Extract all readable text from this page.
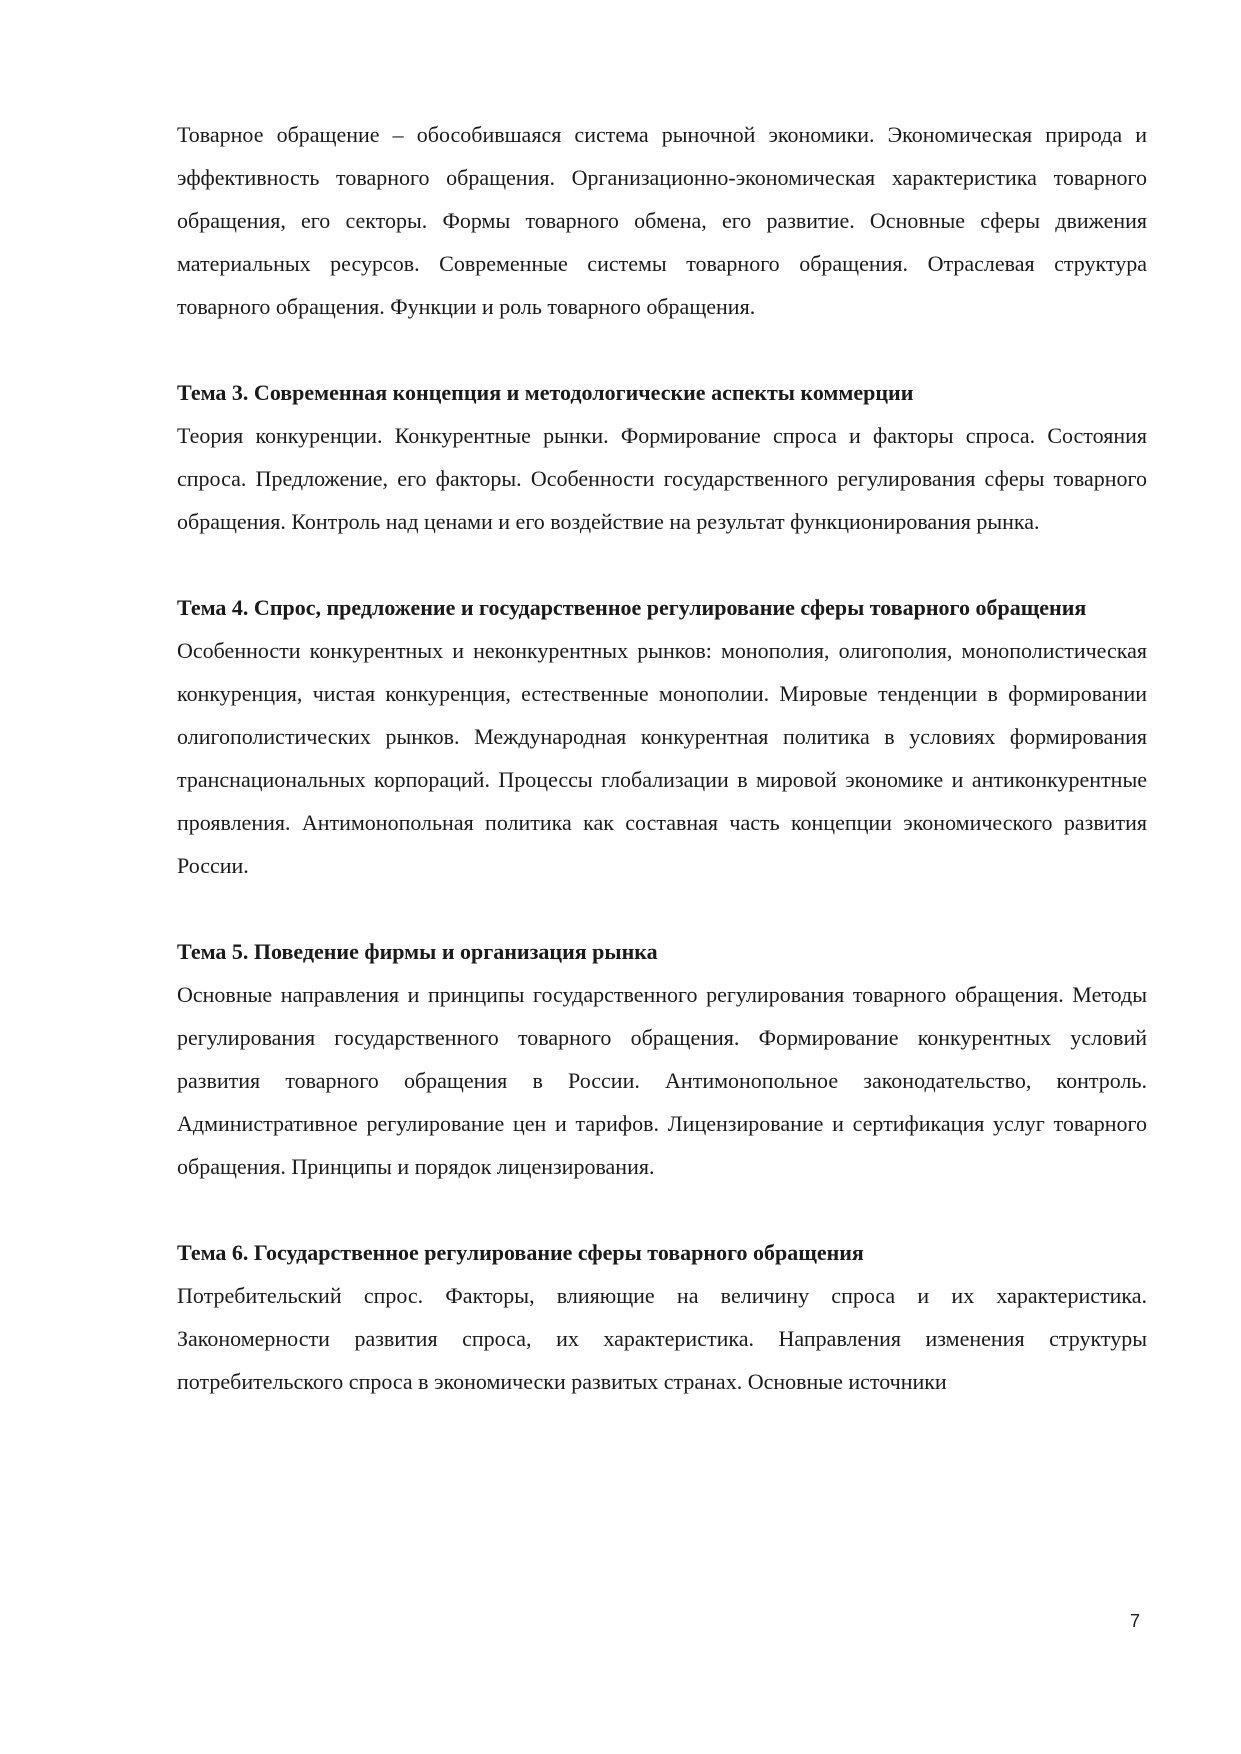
Товарное обращение – обособившаяся система рыночной экономики. Экономическая природа и эффективность товарного обращения. Организационно-экономическая характеристика товарного обращения, его секторы. Формы товарного обмена, его развитие. Основные сферы движения материальных ресурсов. Современные системы товарного обращения. Отраслевая структура товарного обращения. Функции и роль товарного обращения.

Тема 3. Современная концепция и методологические аспекты коммерции

Теория конкуренции. Конкурентные рынки. Формирование спроса и факторы спроса. Состояния спроса. Предложение, его факторы. Особенности государственного регулирования сферы товарного обращения. Контроль над ценами и его воздействие на результат функционирования рынка.

Тема 4. Спрос, предложение и государственное регулирование сферы товарного обращения

Особенности конкурентных и неконкурентных рынков: монополия, олигополия, монополистическая конкуренция, чистая конкуренция, естественные монополии. Мировые тенденции в формировании олигополистических рынков. Международная конкурентная политика в условиях формирования транснациональных корпораций. Процессы глобализации в мировой экономике и антиконкурентные проявления. Антимонопольная политика как составная часть концепции экономического развития России.

Тема 5. Поведение фирмы и организация рынка

Основные направления и принципы государственного регулирования товарного обращения. Методы регулирования государственного товарного обращения. Формирование конкурентных условий развития товарного обращения в России. Антимонопольное законодательство, контроль. Административное регулирование цен и тарифов. Лицензирование и сертификация услуг товарного обращения. Принципы и порядок лицензирования.

Тема 6. Государственное регулирование сферы товарного обращения

Потребительский спрос. Факторы, влияющие на величину спроса и их характеристика. Закономерности развития спроса, их характеристика. Направления изменения структуры потребительского спроса в экономически развитых странах. Основные источники

7
